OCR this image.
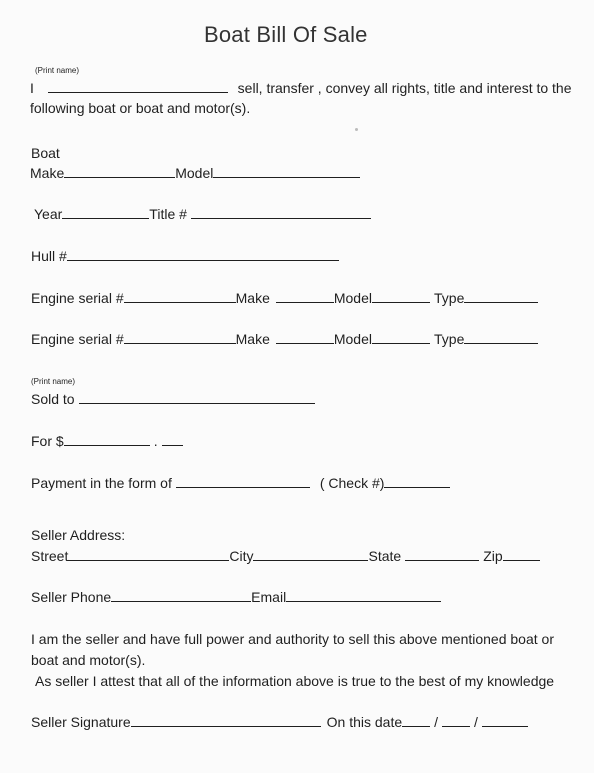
Boat Bill Of Sale
(Print name)
I	sell, transfer , convey all rights, title and interest to the
following boat or boat and motor(s).
Boat
Make	Model
Year	Title #
Hull #
Engine serial #	Make	Model	Type
Engine serial #	Make	Model	Type
(Print name)
Sold to
For $	.
Payment in the form of	( Check #)
Seller Address:
Street	City	State	Zip
Seller Phone	Email
I am the seller and have full power and authority to sell this above mentioned boat or
boat and motor(s).
As seller I attest that all of the information above is true to the best of my knowledge
Seller Signature	On this date /	/
